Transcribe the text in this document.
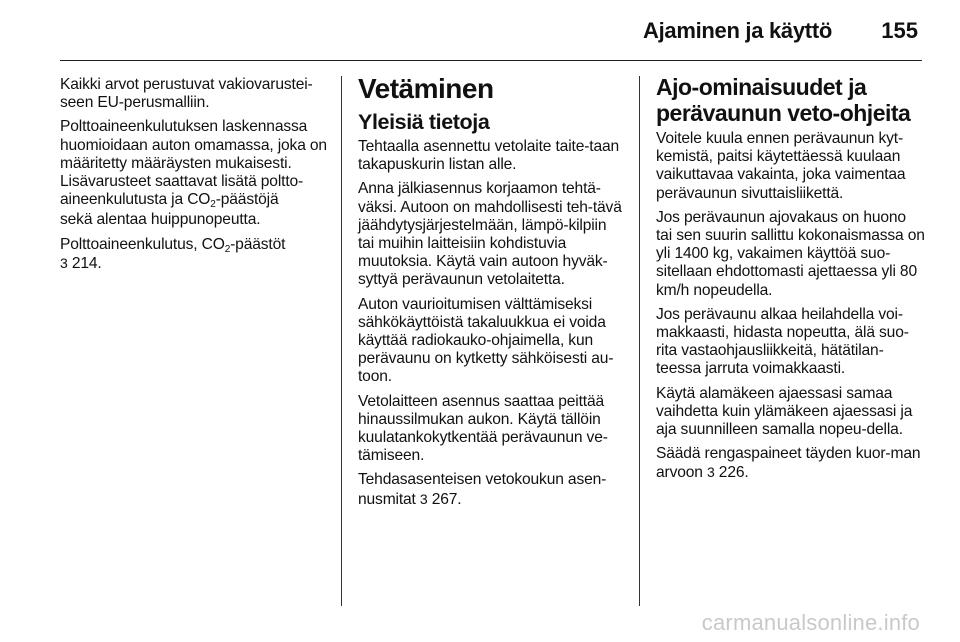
Ajaminen ja käyttö 155

Kaikki arvot perustuvat vakiovarustei-seen EU-perusmalliin.

Polttoaineenkulutuksen laskennassa huomioidaan auton omamassa, joka on määritetty määräysten mukaisesti. Lisävarusteet saattavat lisätä poltto-aineenkulutusta ja $CO_2$-päästöjä

sekä alentaa huippunopeutta.

Polttoaineenkulutus, $CO_2$-päästöt
3 214.

Vetäminen
Yleisiä tietoja

Tehtaalla asennettu vetolaite taite-taan takapuskurin listan alle.

Anna jälkiasennus korjaamon tehtä-väksi. Autoon on mahdollisesti teh-tävä jäähdytysjärjestelmään, lämpö-kilpiin tai muihin laitteisiin kohdistuvia muutoksia. Käytä vain autoon hyväk-syttyä perävaunun vetolaitetta.

Auton vaurioitumisen välttämiseksi sähkökäyttöistä takaluukkua ei voida käyttää radiokauko-ohjaimella, kun perävaunu on kytketty sähköisesti au-toon.

Vetolaitteen asennus saattaa peittää hinaussilmukan aukon. Käytä tällöin kuulatankokytkentää perävaunun ve-tämiseen.

Tehdasasenteisen vetokoukun asen-nusmitat 3 267.

Ajo-ominaisuudet ja perävaunun veto-ohjeita

Voitele kuula ennen perävaunun kyt-kemistä, paitsi käytettäessä kuulaan vaikuttavaa vakainta, joka vaimentaa perävaunun sivuttaisliikettä.

Jos perävaunun ajovakaus on huono tai sen suurin sallittu kokonaismassa on yli 1400 kg, vakaimen käyttöä suo-sitellaan ehdottomasti ajettaessa yli 80 km/h nopeudella.

Jos perävaunu alkaa heilahdella voi-makkaasti, hidasta nopeutta, älä suo-rita vastaohjausliikkeitä, hätätilan-teessa jarruta voimakkaasti.

Käytä alamäkeen ajaessasi samaa vaihdetta kuin ylämäkeen ajaessasi ja aja suunnilleen samalla nopeu-della.

Säädä rengaspaineet täyden kuor-man arvoon 3 226.

carmanualsonline.info
